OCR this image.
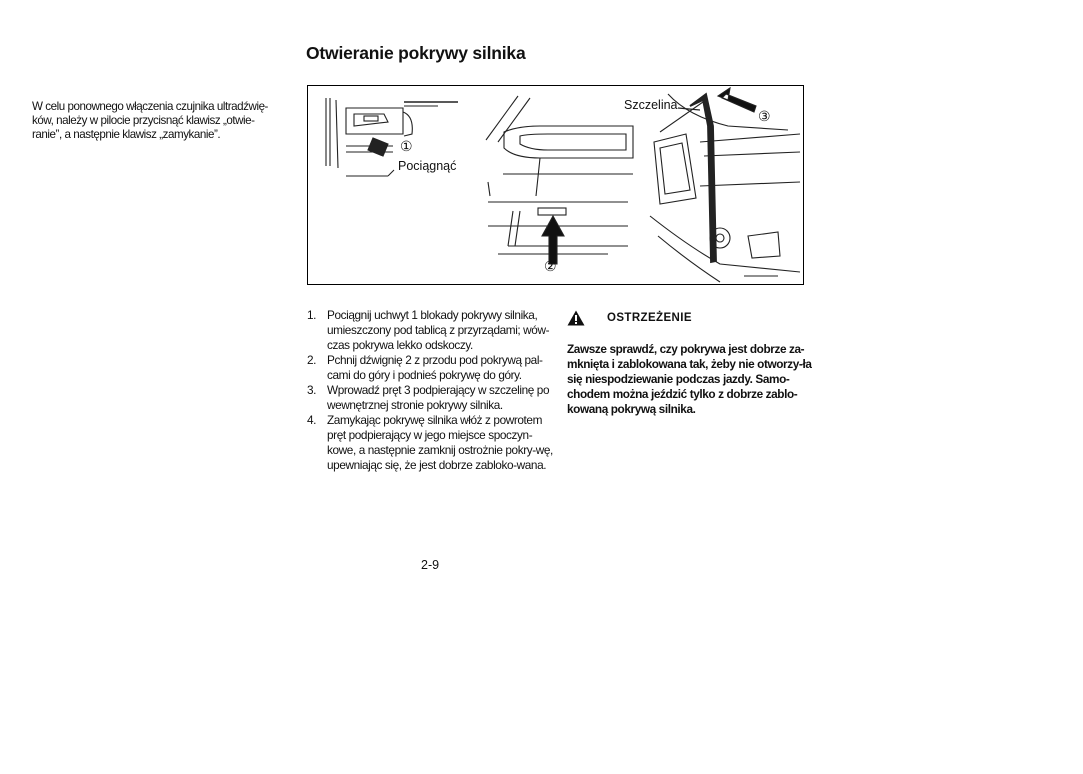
Otwieranie pokrywy silnika

W celu ponownego włączenia czujnika ultradźwię-ków, należy w pilocie przycisnąć klawisz „otwie-ranie”, a następnie klawisz „zamykanie”.

Pociągnąć
Szczelina
①
②
③
1. Pociągnij uchwyt 1 blokady pokrywy silnika, umieszczony pod tablicą z przyrządami; wów-czas pokrywa lekko odskoczy.
2. Pchnij dźwignię 2 z przodu pod pokrywą pal-cami do góry i podnieś pokrywę do góry.
3. Wprowadź pręt 3 podpierający w szczelinę po wewnętrznej stronie pokrywy silnika.
4. Zamykając pokrywę silnika włóż z powrotem pręt podpierający w jego miejsce spoczyn-kowe, a następnie zamknij ostrożnie pokry-wę, upewniając się, że jest dobrze zabloko-wana.
OSTRZEŻENIE

Zawsze sprawdź, czy pokrywa jest dobrze za-mknięta i zablokowana tak, żeby nie otworzy-ła się niespodziewanie podczas jazdy. Samo-chodem można jeździć tylko z dobrze zablo-kowaną pokrywą silnika.

2-9
